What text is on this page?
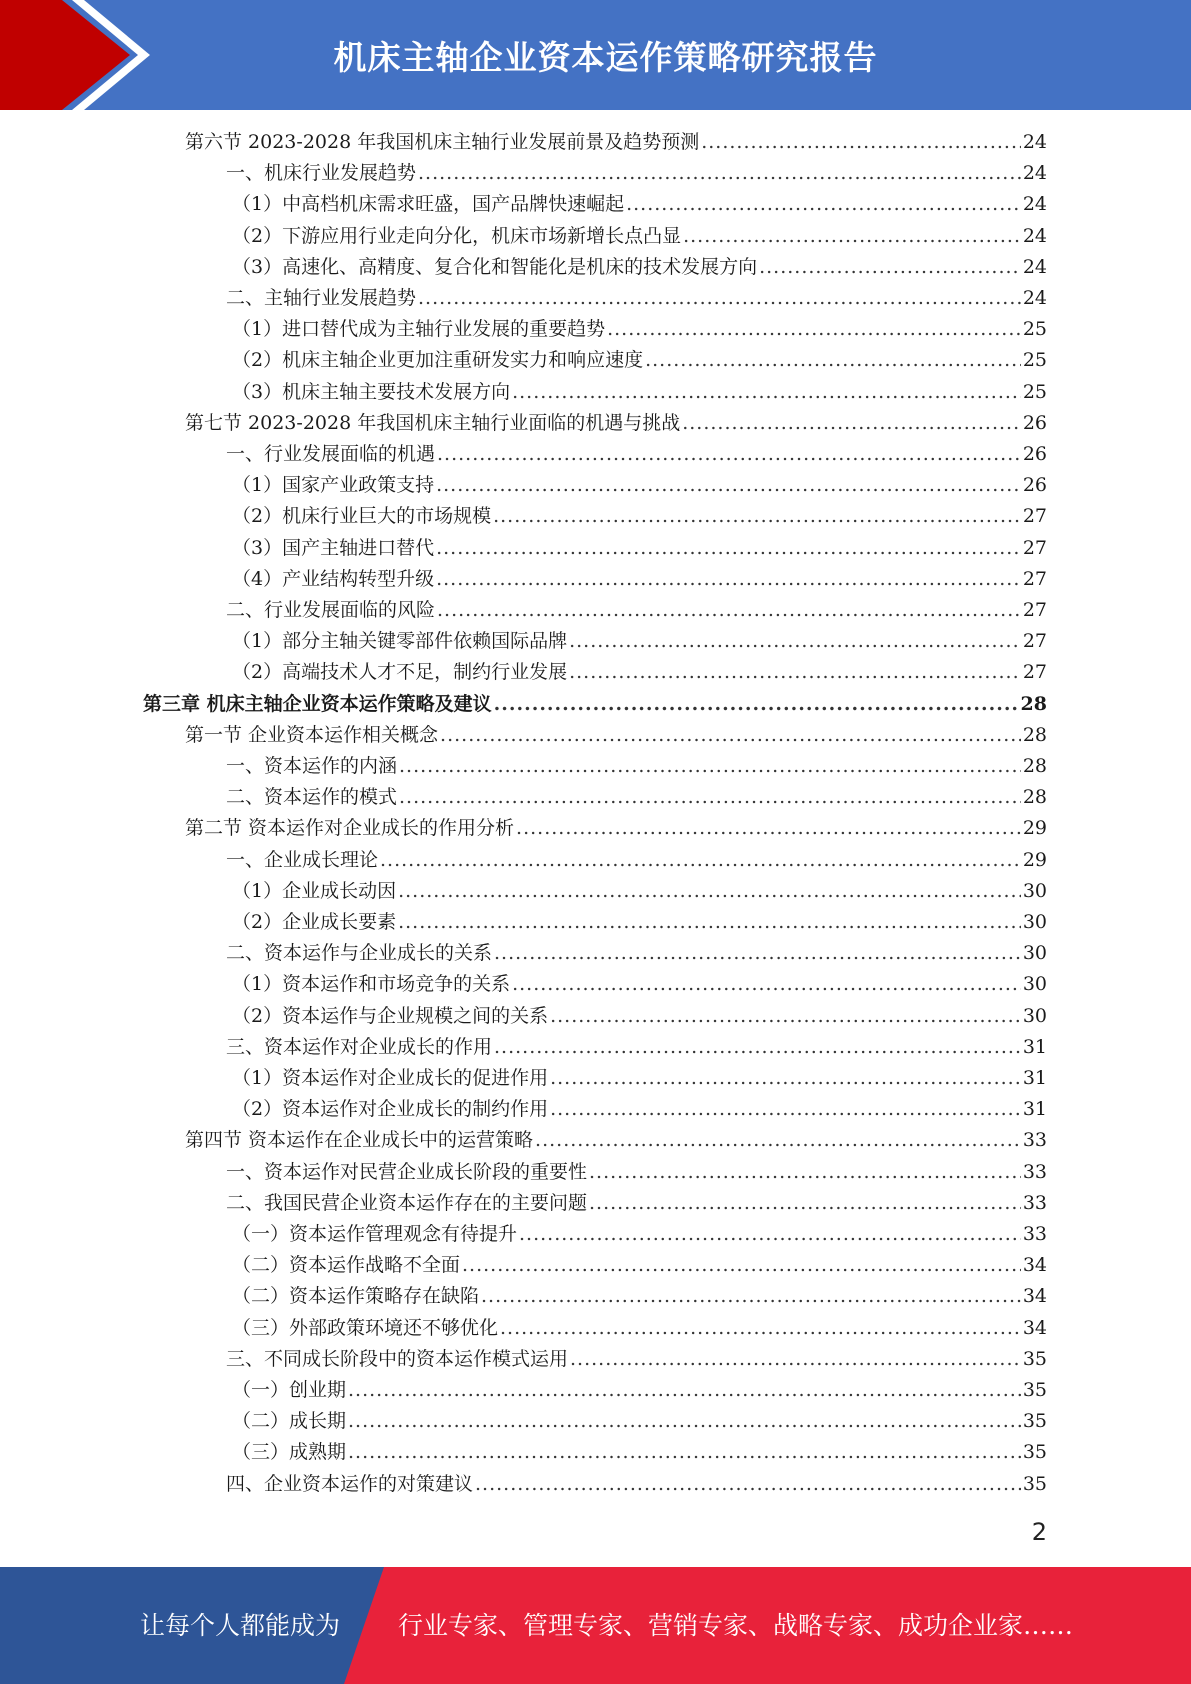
机床主轴企业资本运作策略研究报告
第六节 2023-2028 年我国机床主轴行业发展前景及趋势预测 .....	24
一、机床行业发展趋势 .....	24
（1）中高档机床需求旺盛，国产品牌快速崛起 .....	24
（2）下游应用行业走向分化，机床市场新增长点凸显 .....	24
（3）高速化、高精度、复合化和智能化是机床的技术发展方向 .....	24
二、主轴行业发展趋势 .....	24
（1）进口替代成为主轴行业发展的重要趋势 .....	25
（2）机床主轴企业更加注重研发实力和响应速度 .....	25
（3）机床主轴主要技术发展方向 .....	25
第七节 2023-2028 年我国机床主轴行业面临的机遇与挑战 .....	26
一、行业发展面临的机遇 .....	26
（1）国家产业政策支持 .....	26
（2）机床行业巨大的市场规模 .....	27
（3）国产主轴进口替代 .....	27
（4）产业结构转型升级 .....	27
二、行业发展面临的风险 .....	27
（1）部分主轴关键零部件依赖国际品牌 .....	27
（2）高端技术人才不足，制约行业发展 .....	27
第三章 机床主轴企业资本运作策略及建议 .....	28
第一节 企业资本运作相关概念 .....	28
一、资本运作的内涵 .....	28
二、资本运作的模式 .....	28
第二节 资本运作对企业成长的作用分析 .....	29
一、企业成长理论 .....	29
（1）企业成长动因 .....	30
（2）企业成长要素 .....	30
二、资本运作与企业成长的关系 .....	30
（1）资本运作和市场竞争的关系 .....	30
（2）资本运作与企业规模之间的关系 .....	30
三、资本运作对企业成长的作用 .....	31
（1）资本运作对企业成长的促进作用 .....	31
（2）资本运作对企业成长的制约作用 .....	31
第四节 资本运作在企业成长中的运营策略 .....	33
一、资本运作对民营企业成长阶段的重要性 .....	33
二、我国民营企业资本运作存在的主要问题 .....	33
（一）资本运作管理观念有待提升 .....	33
（二）资本运作战略不全面 .....	34
（二）资本运作策略存在缺陷 .....	34
（三）外部政策环境还不够优化 .....	34
三、不同成长阶段中的资本运作模式运用 .....	35
（一）创业期 .....	35
（二）成长期 .....	35
（三）成熟期 .....	35
四、企业资本运作的对策建议 .....	35
2
让每个人都能成为 行业专家、管理专家、营销专家、战略专家、成功企业家……
